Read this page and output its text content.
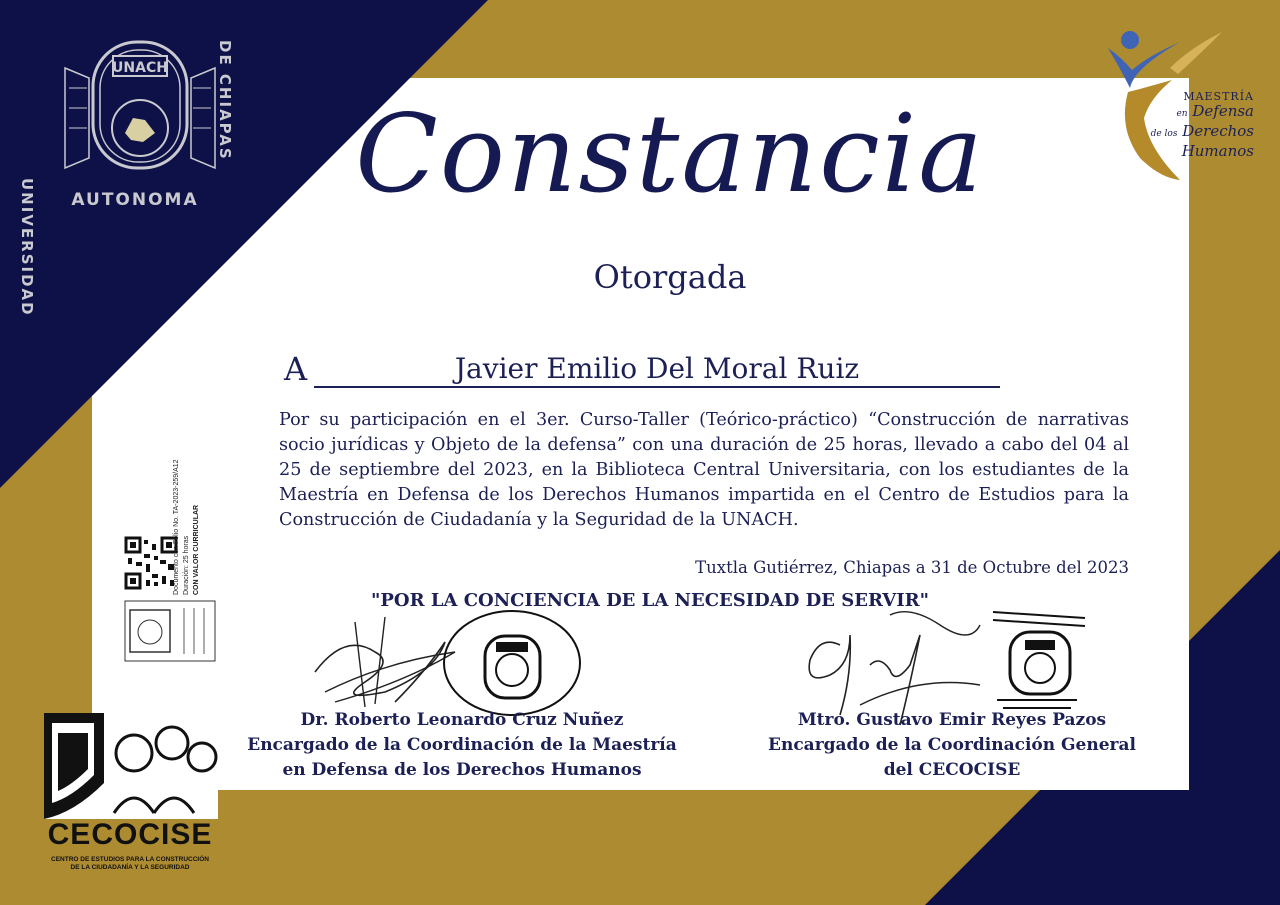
UNACH
UNIVERSIDAD
DE CHIAPAS
AUTONOMA
MAESTRÍA
en Defensa
de los Derechos
Humanos
Constancia
Otorgada
A	Javier Emilio Del Moral Ruiz
Por su participación en el 3er. Curso-Taller (Teórico-práctico) “Construcción de narrativas socio jurídicas y Objeto de la defensa” con una duración de 25 horas, llevado a cabo del 04 al 25 de septiembre del 2023, en la Biblioteca Central Universitaria, con los estudiantes de la Maestría en Defensa de los Derechos Humanos impartida en el Centro de Estudios para la Construcción de Ciudadanía y la Seguridad de la UNACH.
Tuxtla Gutiérrez, Chiapas a 31 de Octubre del 2023
"POR LA CONCIENCIA DE LA NECESIDAD DE SERVIR"
Documento con Folio No. TA-2023-259/A12 Duración: 25 horas CON VALOR CURRICULAR
Dr. Roberto Leonardo Cruz Nuñez
Encargado de la Coordinación de la Maestría
en Defensa de los Derechos Humanos
Mtro. Gustavo Emir Reyes Pazos
Encargado de la Coordinación General
del CECOCISE
CECOCISE
CENTRO DE ESTUDIOS PARA LA CONSTRUCCIÓN
DE LA CIUDADANÍA Y LA SEGURIDAD
